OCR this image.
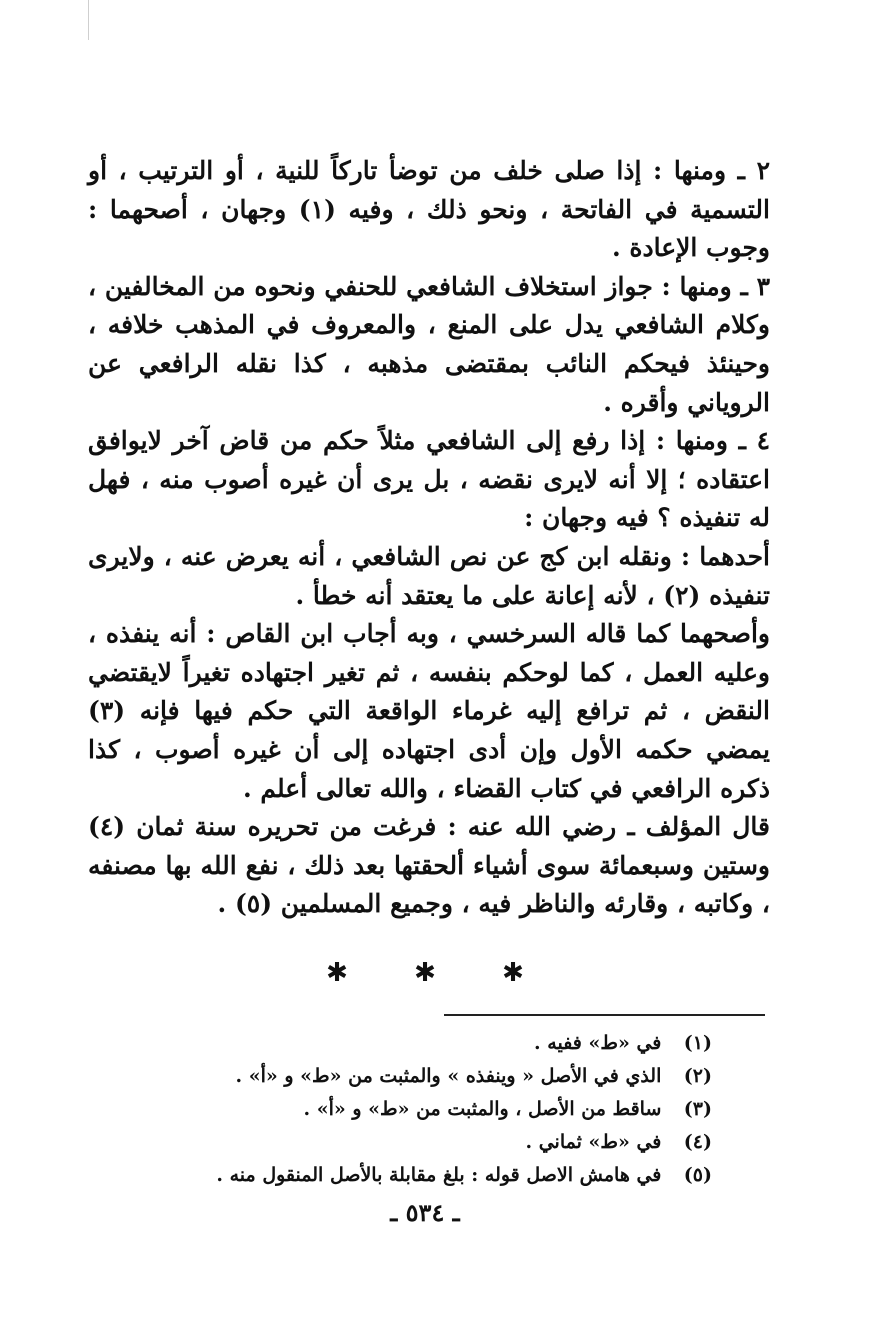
٢ ـ ومنها : إذا صلى خلف من توضأ تاركاً للنية ، أو الترتيب ، أو التسمية في الفاتحة ، ونحو ذلك ، وفيه (١) وجهان ، أصحهما : وجوب الإعادة .

٣ ـ ومنها : جواز استخلاف الشافعي للحنفي ونحوه من المخالفين ، وكلام الشافعي يدل على المنع ، والمعروف في المذهب خلافه ، وحينئذ فيحكم النائب بمقتضى مذهبه ، كذا نقله الرافعي عن الروياني وأقره .

٤ ـ ومنها : إذا رفع إلى الشافعي مثلاً حكم من قاض آخر لايوافق اعتقاده ؛ إلا أنه لايرى نقضه ، بل يرى أن غيره أصوب منه ، فهل له تنفيذه ؟ فيه وجهان :

أحدهما : ونقله ابن كج عن نص الشافعي ، أنه يعرض عنه ، ولايرى تنفيذه (٢) ، لأنه إعانة على ما يعتقد أنه خطأ .

وأصحهما كما قاله السرخسي ، وبه أجاب ابن القاص : أنه ينفذه ، وعليه العمل ، كما لوحكم بنفسه ، ثم تغير اجتهاده تغيراً لايقتضي النقض ، ثم ترافع إليه غرماء الواقعة التي حكم فيها فإنه (٣) يمضي حكمه الأول وإن أدى اجتهاده إلى أن غيره أصوب ، كذا ذكره الرافعي في كتاب القضاء ، والله تعالى أعلم .

قال المؤلف ـ رضي الله عنه : فرغت من تحريره سنة ثمان (٤) وستين وسبعمائة سوى أشياء ألحقتها بعد ذلك ، نفع الله بها مصنفه ، وكاتبه ، وقارئه والناظر فيه ، وجميع المسلمين (٥) .

✱	✱	✱
(١) في «ط» ففيه .
(٢) الذي في الأصل « وينفذه » والمثبت من «ط» و «أ» .
(٣) ساقط من الأصل ، والمثبت من «ط» و «أ» .
(٤) في «ط» ثماني .
(٥) في هامش الاصل قوله : بلغ مقابلة بالأصل المنقول منه .
ـ ٥٣٤ ـ
